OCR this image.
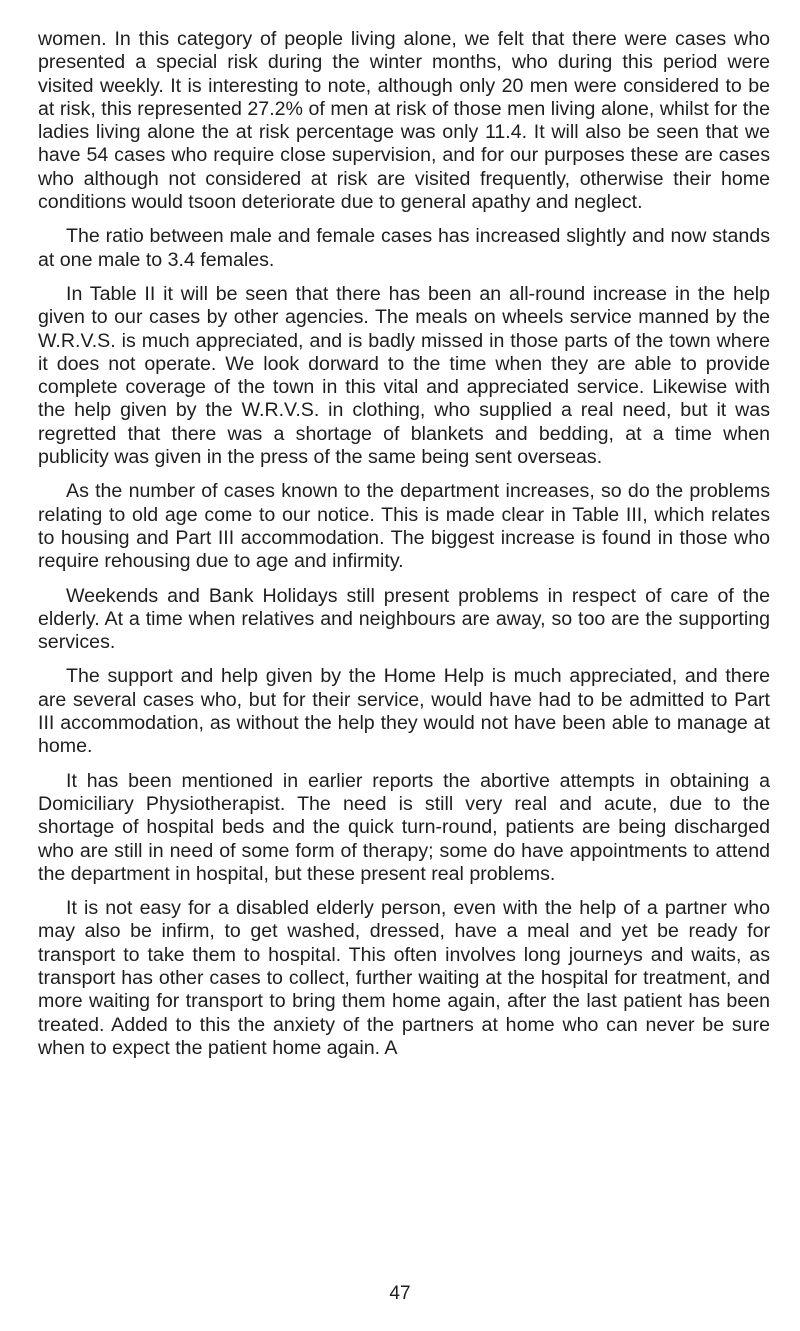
women. In this category of people living alone, we felt that there were cases who presented a special risk during the winter months, who during this period were visited weekly. It is interesting to note, although only 20 men were considered to be at risk, this represented 27.2% of men at risk of those men living alone, whilst for the ladies living alone the at risk percentage was only 11.4. It will also be seen that we have 54 cases who require close supervision, and for our purposes these are cases who although not considered at risk are visited frequently, otherwise their home conditions would tsoon deteriorate due to general apathy and neglect.

The ratio between male and female cases has increased slightly and now stands at one male to 3.4 females.

In Table II it will be seen that there has been an all-round increase in the help given to our cases by other agencies. The meals on wheels service manned by the W.R.V.S. is much appreciated, and is badly missed in those parts of the town where it does not operate. We look dorward to the time when they are able to provide complete coverage of the town in this vital and appreciated service. Likewise with the help given by the W.R.V.S. in clothing, who supplied a real need, but it was regretted that there was a shortage of blankets and bedding, at a time when publicity was given in the press of the same being sent overseas.

As the number of cases known to the department increases, so do the problems relating to old age come to our notice. This is made clear in Table III, which relates to housing and Part III accommodation. The biggest increase is found in those who require rehousing due to age and infirmity.

Weekends and Bank Holidays still present problems in respect of care of the elderly. At a time when relatives and neighbours are away, so too are the supporting services.

The support and help given by the Home Help is much appreciated, and there are several cases who, but for their service, would have had to be admitted to Part III accommodation, as without the help they would not have been able to manage at home.

It has been mentioned in earlier reports the abortive attempts in obtaining a Domiciliary Physiotherapist. The need is still very real and acute, due to the shortage of hospital beds and the quick turn-round, patients are being discharged who are still in need of some form of therapy; some do have appointments to attend the department in hospital, but these present real problems.

It is not easy for a disabled elderly person, even with the help of a partner who may also be infirm, to get washed, dressed, have a meal and yet be ready for transport to take them to hospital. This often involves long journeys and waits, as transport has other cases to collect, further waiting at the hospital for treatment, and more waiting for transport to bring them home again, after the last patient has been treated. Added to this the anxiety of the partners at home who can never be sure when to expect the patient home again. A

47
